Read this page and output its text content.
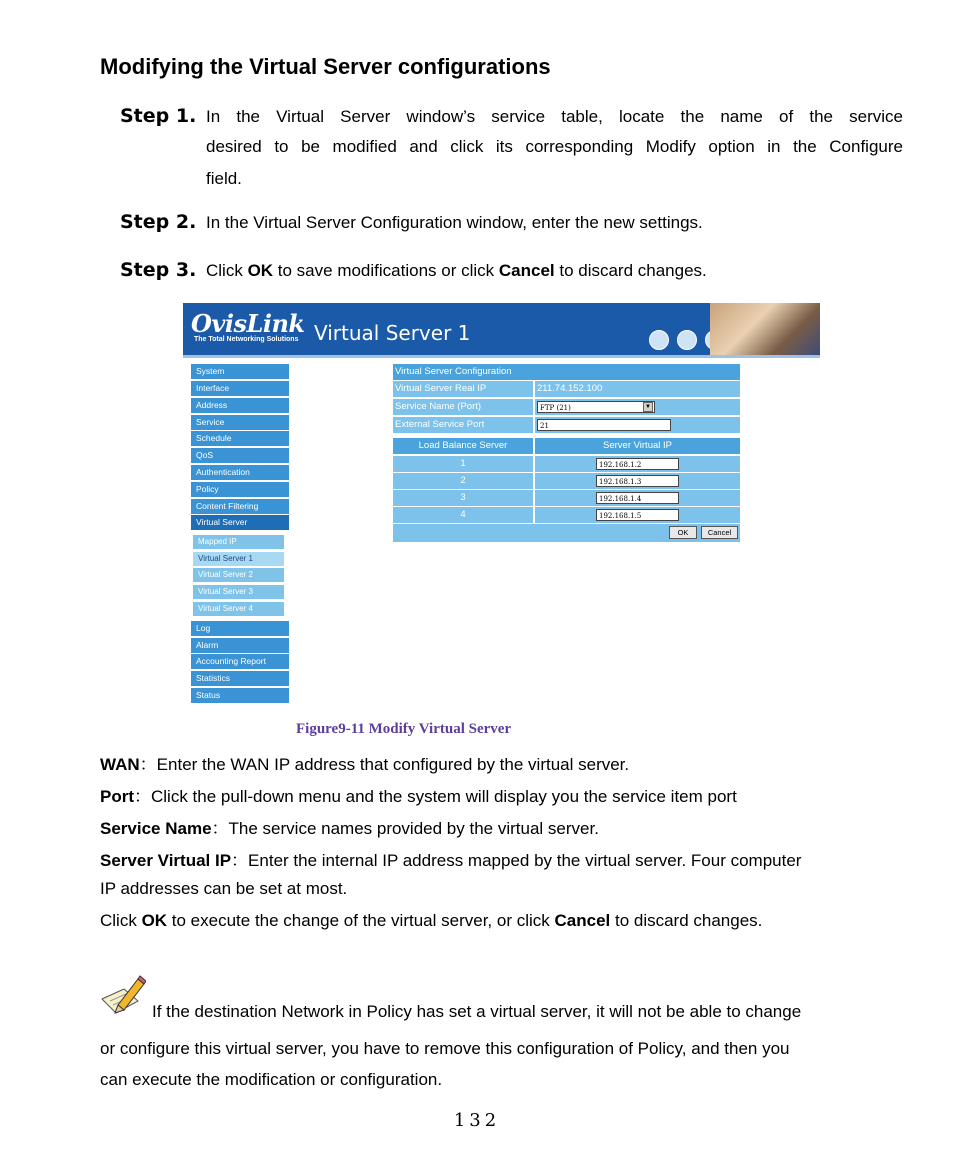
Modifying the Virtual Server configurations
Step 1. In the Virtual Server window’s service table, locate the name of the service
desired to be modified and click its corresponding Modify option in the Configure
field.
Step 2. In the Virtual Server Configuration window, enter the new settings.
Step 3. Click OK to save modifications or click Cancel to discard changes.
OvisLink
The Total Networking Solutions Virtual Server 1
System
Interface
Address
Service
Schedule
QoS
Authentication
Policy
Content Filtering
Virtual Server
Mapped IP
Virtual Server 1
Virtual Server 2
Virtual Server 3
Virtual Server 4
Log
Alarm
Accounting Report
Statistics
Status
Virtual Server Configuration
Virtual Server Real IP	211.74.152.100
Service Name (Port)	FTP (21)	▼
External Service Port	21
Load Balance Server	Server Virtual IP
1	192.168.1.2
2	192.168.1.3
3	192.168.1.4
4	192.168.1.5
OK	Cancel
Figure9-11 Modify Virtual Server
WAN：Enter the WAN IP address that configured by the virtual server.
Port：Click the pull-down menu and the system will display you the service item port
Service Name：The service names provided by the virtual server.
Server Virtual IP：Enter the internal IP address mapped by the virtual server. Four computer
IP addresses can be set at most.
Click OK to execute the change of the virtual server, or click Cancel to discard changes.
If the destination Network in Policy has set a virtual server, it will not be able to change
or configure this virtual server, you have to remove this configuration of Policy, and then you
can execute the modification or configuration.
132
